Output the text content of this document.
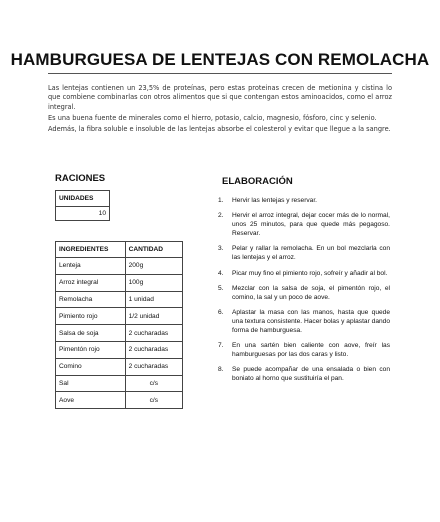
HAMBURGUESA DE LENTEJAS CON REMOLACHA

Las lentejas contienen un 23,5% de proteínas, pero estas proteinas crecen de metionina y cistina lo que combiene combinarlas con otros alimentos que si que contengan estos aminoacidos, como el arroz integral.

Es una buena fuente de minerales como el hierro, potasio, calcio, magnesio, fósforo, cinc y selenio.

Además, la fibra soluble e insoluble de las lentejas absorbe el colesterol y evitar que llegue a la sangre.

RACIONES
UNIDADES
10
INGREDIENTES	CANTIDAD
Lenteja	200g
Arroz integral	100g
Remolacha	1 unidad
Pimiento rojo	1/2 unidad
Salsa de soja	2 cucharadas
Pimentón rojo	2 cucharadas
Comino	2 cucharadas
Sal	c/s
Aove	c/s
ELABORACIÓN
1. Hervir las lentejas y reservar.
2. Hervir el arroz integral, dejar cocer más de lo normal, unos 25 minutos, para que quede más pegagoso. Reservar.
3. Pelar y rallar la remolacha. En un bol mezclarla con las lentejas y el arroz.
4. Picar muy fino el pimiento rojo, sofreír y añadir al bol.
5. Mezclar con la salsa de soja, el pimentón rojo, el comino, la sal y un poco de aove.
6. Aplastar la masa con las manos, hasta que quede una textura consistente. Hacer bolas y aplastar dando forma de hamburguesa.
7. En una sartén bien caliente con aove, freír las hamburguesas por las dos caras y listo.
8. Se puede acompañar de una ensalada o bien con boniato al horno que sustituiría el pan.
